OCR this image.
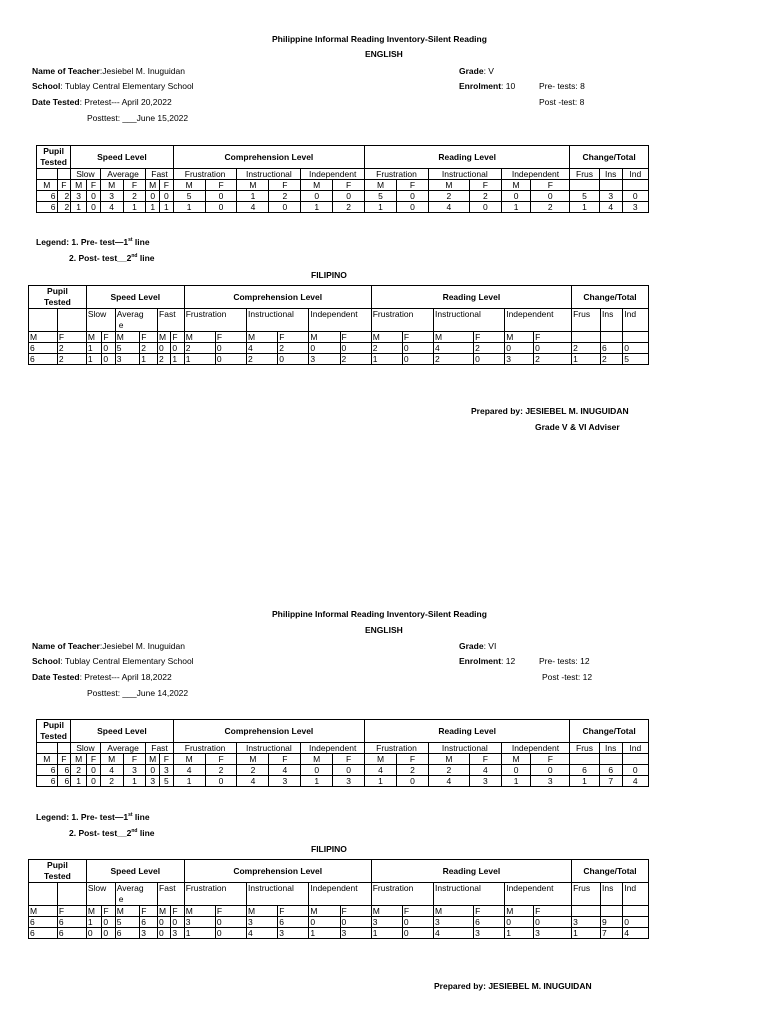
Philippine Informal Reading Inventory-Silent Reading
ENGLISH
Name of Teacher:Jesiebel M. Inuguidan
School: Tublay Central Elementary School
Date Tested: Pretest--- April 20,2022
Posttest: ___June 15,2022
Grade: V
Enrolment: 10	Pre- tests: 8
Post -test: 8
Pupil
Tested		Speed Level						Comprehension Level						Reading Level						Change/Total		
		Slow		Average		Fast		Frustration		Instructional		Independent		Frustration		Instructional		Independent		Frus	Ins	Ind
M	F	M	F	M	F	M	F	M	F	M	F	M	F	M	F	M	F	M	F			
6	2	3	0	3	2	0	0	5	0	1	2	0	0	5	0	2	2	0	0	5	3	0
6	2	1	0	4	1	1	1	1	0	4	0	1	2	1	0	4	0	1	2	1	4	3
Legend: 1. Pre- test—1st line
2. Post- test__2nd line
FILIPINO
Pupil
Tested		Speed Level						Comprehension Level						Reading Level						Change/Total		
		Slow		Averag
e		Fast		Frustration		Instructional		Independent		Frustration		Instructional		Independent		Frus	Ins	Ind
M	F	M	F	M	F	M	F	M	F	M	F	M	F	M	F	M	F	M	F			
6	2	1	0	5	2	0	0	2	0	4	2	0	0	2	0	4	2	0	0	2	6	0
6	2	1	0	3	1	2	1	1	0	2	0	3	2	1	0	2	0	3	2	1	2	5
Prepared by: JESIEBEL M. INUGUIDAN
Grade V & VI Adviser
Philippine Informal Reading Inventory-Silent Reading
ENGLISH
Name of Teacher:Jesiebel M. Inuguidan
School: Tublay Central Elementary School
Date Tested: Pretest--- April 18,2022
Posttest: ___June 14,2022
Grade: VI
Enrolment: 12	Pre- tests: 12
Post -test: 12
Pupil
Tested		Speed Level						Comprehension Level						Reading Level						Change/Total		
		Slow		Average		Fast		Frustration		Instructional		Independent		Frustration		Instructional		Independent		Frus	Ins	Ind
M	F	M	F	M	F	M	F	M	F	M	F	M	F	M	F	M	F	M	F			
6	6	2	0	4	3	0	3	4	2	2	4	0	0	4	2	2	4	0	0	6	6	0
6	6	1	0	2	1	3	5	1	0	4	3	1	3	1	0	4	3	1	3	1	7	4
Legend: 1. Pre- test—1st line
2. Post- test__2nd line
FILIPINO
Pupil
Tested		Speed Level						Comprehension Level						Reading Level						Change/Total		
		Slow		Averag
e		Fast		Frustration		Instructional		Independent		Frustration		Instructional		Independent		Frus	Ins	Ind
M	F	M	F	M	F	M	F	M	F	M	F	M	F	M	F	M	F	M	F			
6	6	1	0	5	6	0	0	3	0	3	6	0	0	3	0	3	6	0	0	3	9	0
6	6	0	0	6	3	0	3	1	0	4	3	1	3	1	0	4	3	1	3	1	7	4
Prepared by: JESIEBEL M. INUGUIDAN
